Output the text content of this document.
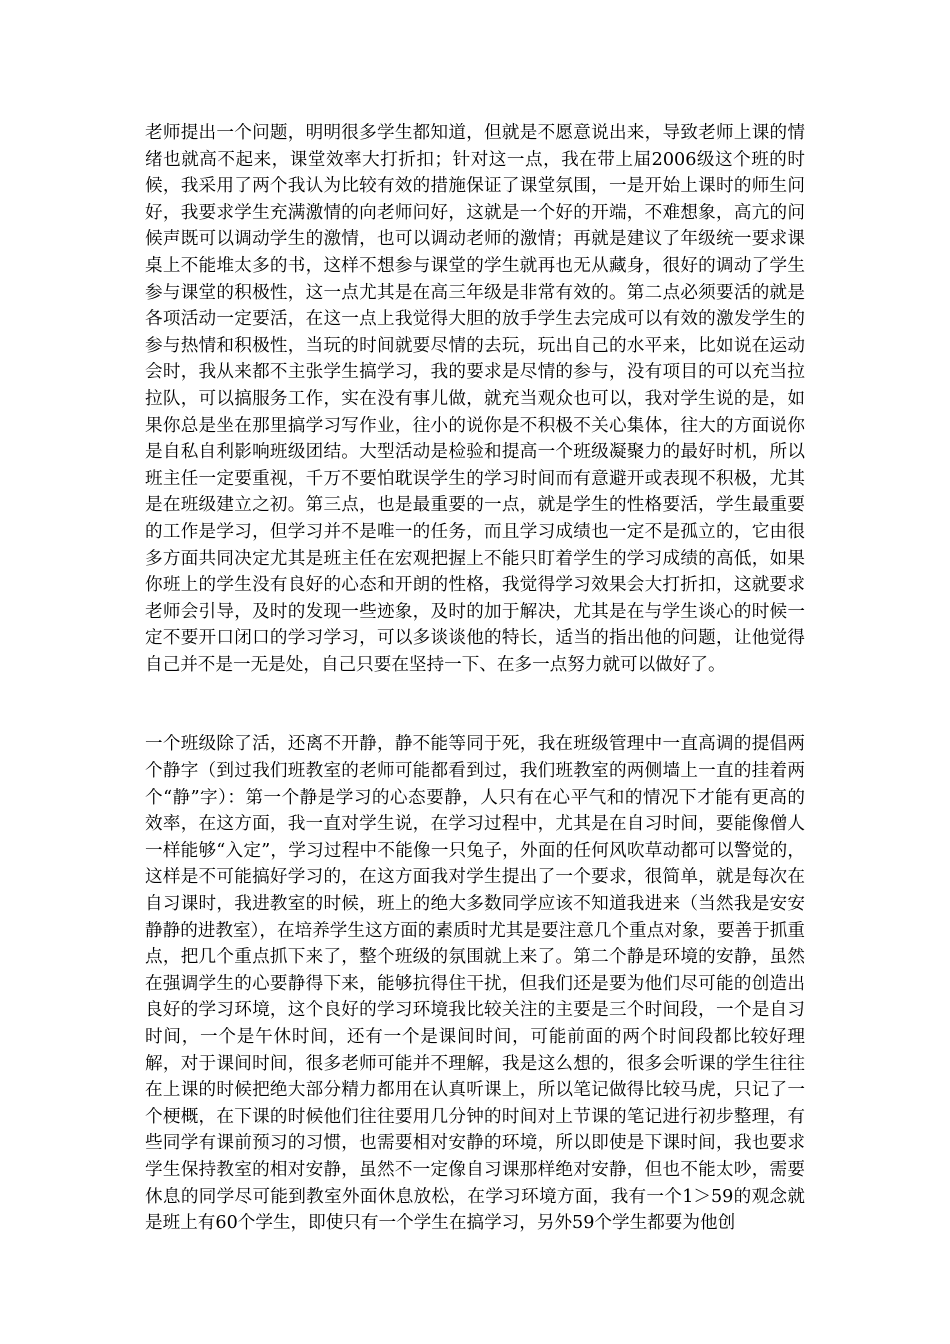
老师提出一个问题，明明很多学生都知道，但就是不愿意说出来，导致老师上课的情绪也就高不起来，课堂效率大打折扣；针对这一点，我在带上届2006级这个班的时候，我采用了两个我认为比较有效的措施保证了课堂氛围，一是开始上课时的师生问好，我要求学生充满激情的向老师问好，这就是一个好的开端，不难想象，高亢的问候声既可以调动学生的激情，也可以调动老师的激情；再就是建议了年级统一要求课桌上不能堆太多的书，这样不想参与课堂的学生就再也无从藏身，很好的调动了学生参与课堂的积极性，这一点尤其是在高三年级是非常有效的。第二点必须要活的就是各项活动一定要活，在这一点上我觉得大胆的放手学生去完成可以有效的激发学生的参与热情和积极性，当玩的时间就要尽情的去玩，玩出自己的水平来，比如说在运动会时，我从来都不主张学生搞学习，我的要求是尽情的参与，没有项目的可以充当拉拉队，可以搞服务工作，实在没有事儿做，就充当观众也可以，我对学生说的是，如果你总是坐在那里搞学习写作业，往小的说你是不积极不关心集体，往大的方面说你是自私自利影响班级团结。大型活动是检验和提高一个班级凝聚力的最好时机，所以班主任一定要重视，千万不要怕耽误学生的学习时间而有意避开或表现不积极，尤其是在班级建立之初。第三点，也是最重要的一点，就是学生的性格要活，学生最重要的工作是学习，但学习并不是唯一的任务，而且学习成绩也一定不是孤立的，它由很多方面共同决定尤其是班主任在宏观把握上不能只盯着学生的学习成绩的高低，如果你班上的学生没有良好的心态和开朗的性格，我觉得学习效果会大打折扣，这就要求老师会引导，及时的发现一些迹象，及时的加于解决，尤其是在与学生谈心的时候一定不要开口闭口的学习学习，可以多谈谈他的特长，适当的指出他的问题，让他觉得自己并不是一无是处，自己只要在坚持一下、在多一点努力就可以做好了。

一个班级除了活，还离不开静，静不能等同于死，我在班级管理中一直高调的提倡两个静字（到过我们班教室的老师可能都看到过，我们班教室的两侧墙上一直的挂着两个“静”字）：第一个静是学习的心态要静，人只有在心平气和的情况下才能有更高的效率，在这方面，我一直对学生说，在学习过程中，尤其是在自习时间，要能像僧人一样能够“入定”，学习过程中不能像一只兔子，外面的任何风吹草动都可以警觉的，这样是不可能搞好学习的，在这方面我对学生提出了一个要求，很简单，就是每次在自习课时，我进教室的时候，班上的绝大多数同学应该不知道我进来（当然我是安安静静的进教室），在培养学生这方面的素质时尤其是要注意几个重点对象，要善于抓重点，把几个重点抓下来了，整个班级的氛围就上来了。第二个静是环境的安静，虽然在强调学生的心要静得下来，能够抗得住干扰，但我们还是要为他们尽可能的创造出良好的学习环境，这个良好的学习环境我比较关注的主要是三个时间段，一个是自习时间，一个是午休时间，还有一个是课间时间，可能前面的两个时间段都比较好理解，对于课间时间，很多老师可能并不理解，我是这么想的，很多会听课的学生往往在上课的时候把绝大部分精力都用在认真听课上，所以笔记做得比较马虎，只记了一个梗概，在下课的时候他们往往要用几分钟的时间对上节课的笔记进行初步整理，有些同学有课前预习的习惯，也需要相对安静的环境，所以即使是下课时间，我也要求学生保持教室的相对安静，虽然不一定像自习课那样绝对安静，但也不能太吵，需要休息的同学尽可能到教室外面休息放松，在学习环境方面，我有一个1＞59的观念就是班上有60个学生，即使只有一个学生在搞学习，另外59个学生都要为他创
